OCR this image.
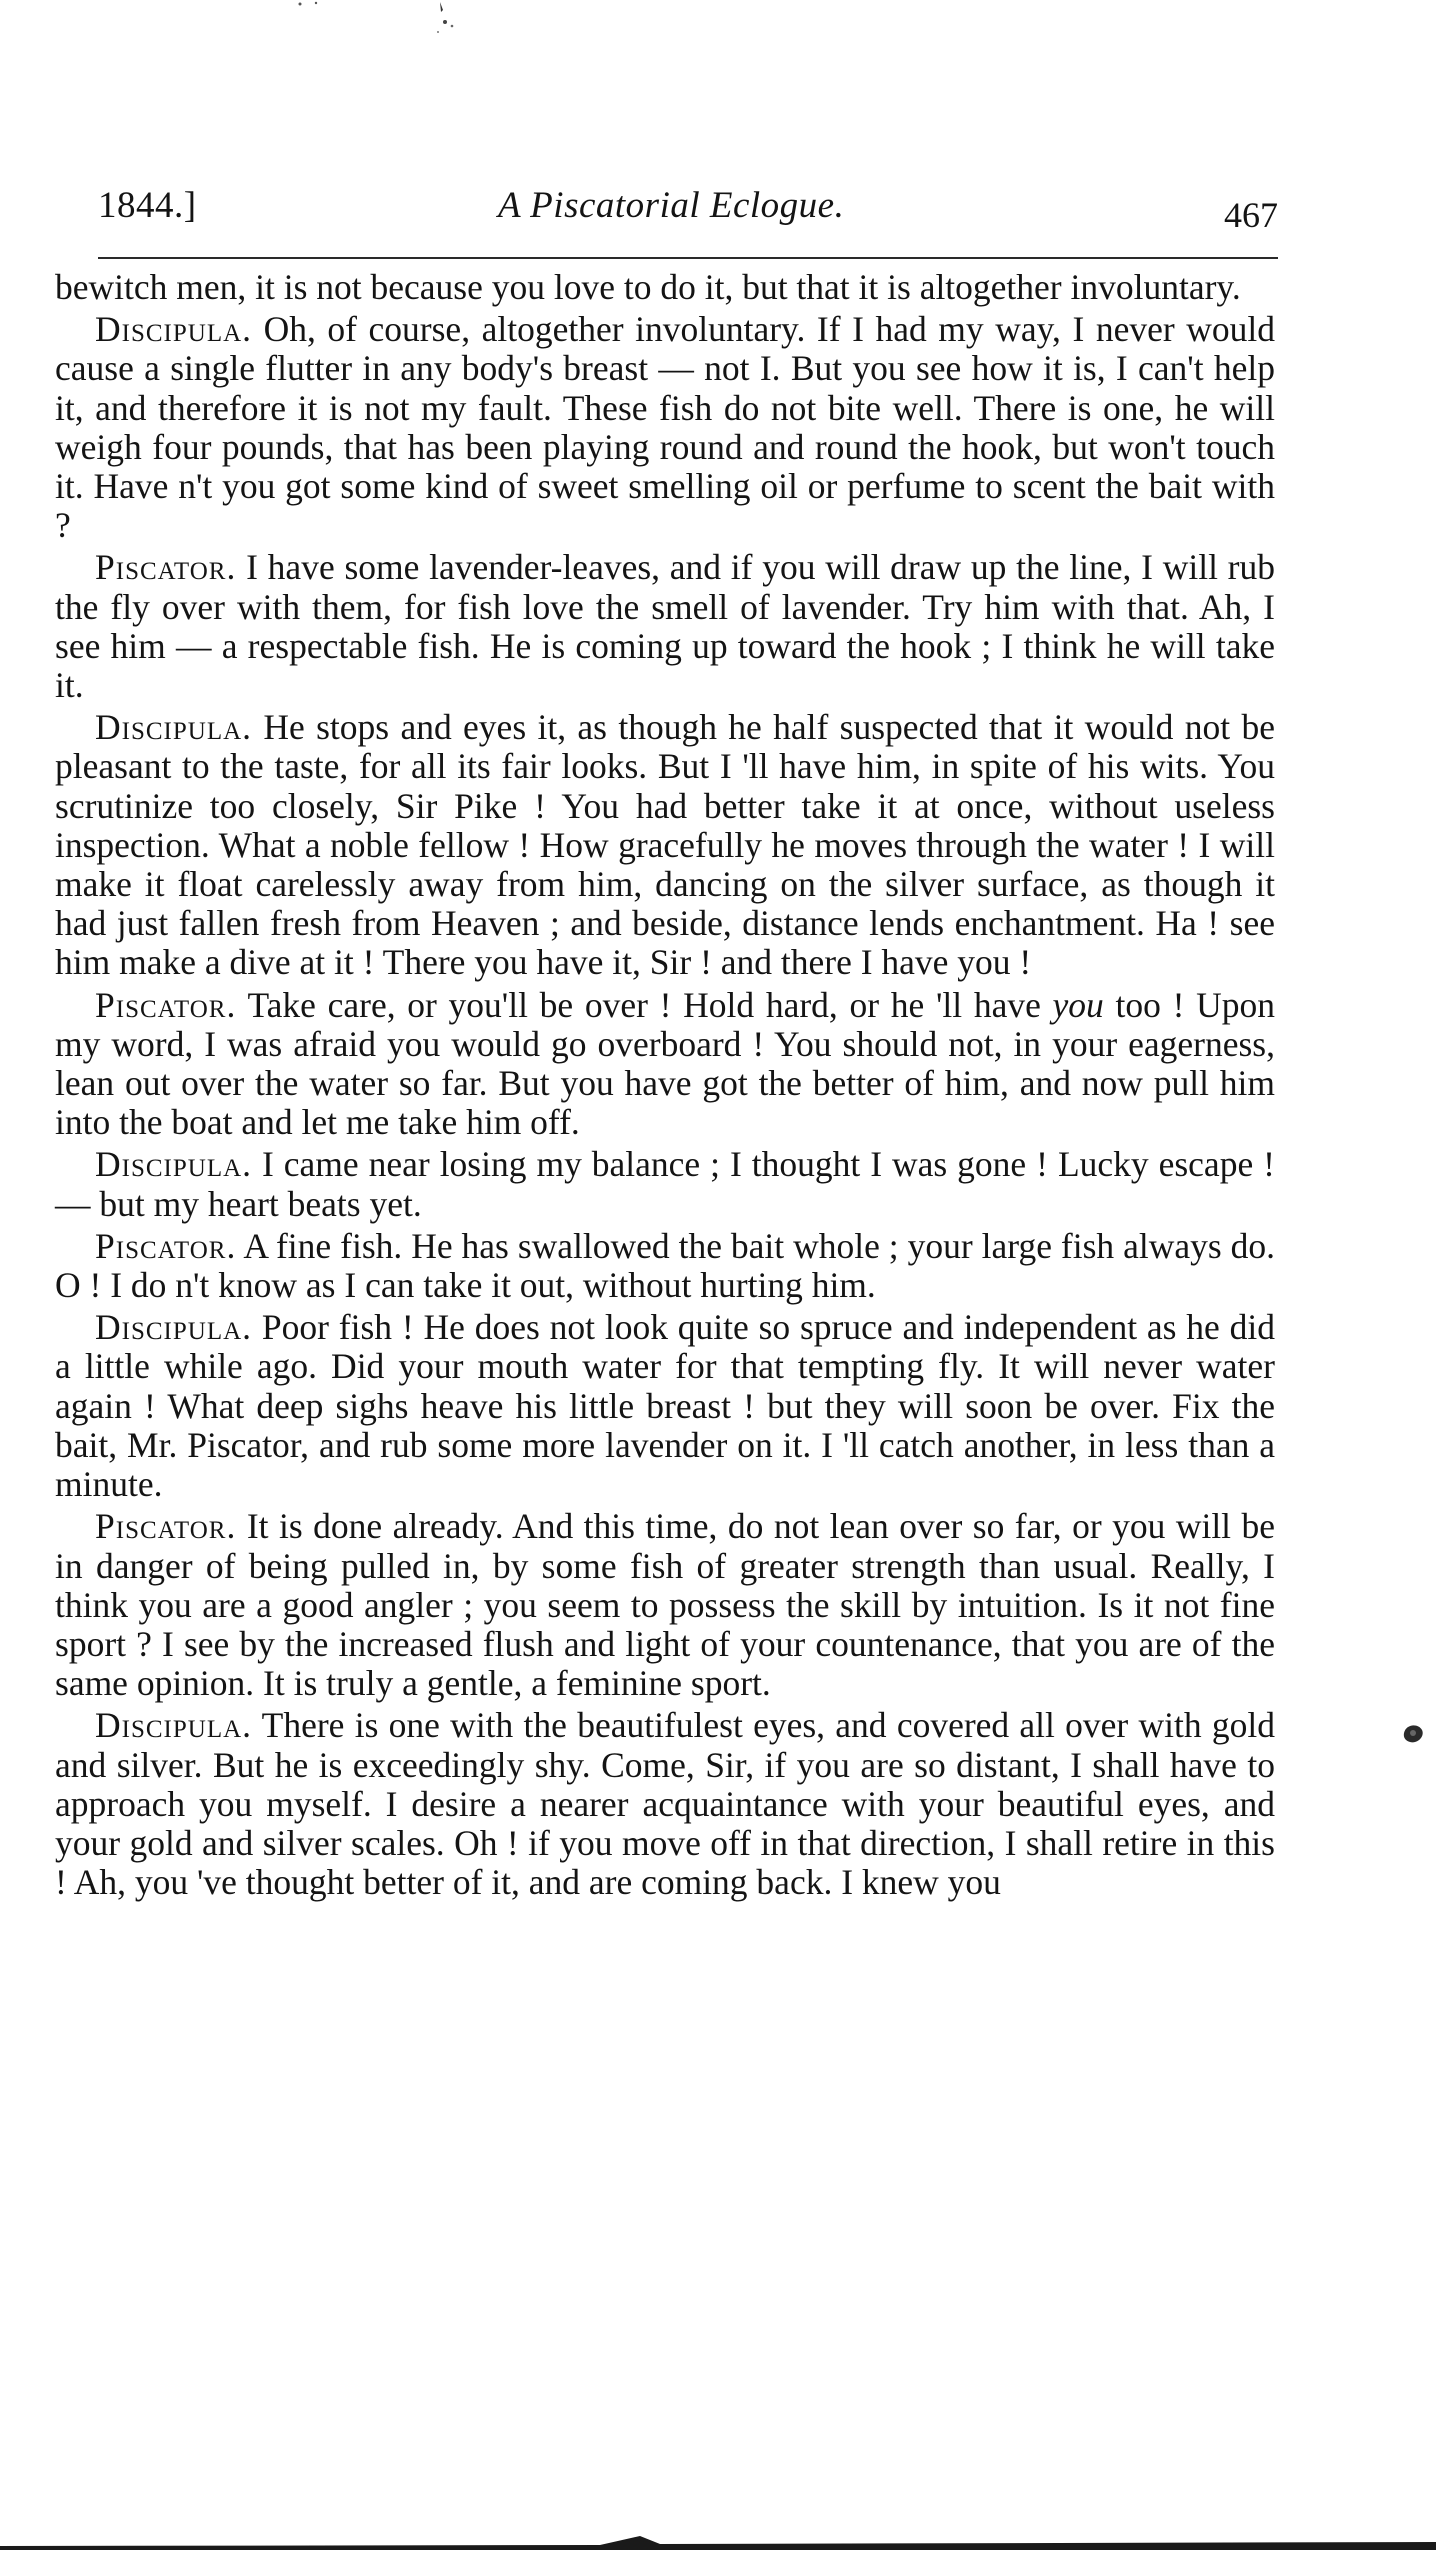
1844.]	A Piscatorial Eclogue.	467

bewitch men, it is not because you love to do it, but that it is altogether involuntary.

Discipula. Oh, of course, altogether involuntary. If I had my way, I never would cause a single flutter in any body's breast — not I. But you see how it is, I can't help it, and therefore it is not my fault. These fish do not bite well. There is one, he will weigh four pounds, that has been playing round and round the hook, but won't touch it. Have n't you got some kind of sweet smelling oil or perfume to scent the bait with ?

Piscator. I have some lavender-leaves, and if you will draw up the line, I will rub the fly over with them, for fish love the smell of lavender. Try him with that. Ah, I see him — a respectable fish. He is coming up toward the hook ; I think he will take it.

Discipula. He stops and eyes it, as though he half suspected that it would not be pleasant to the taste, for all its fair looks. But I 'll have him, in spite of his wits. You scrutinize too closely, Sir Pike ! You had better take it at once, without useless inspection. What a noble fellow ! How gracefully he moves through the water ! I will make it float carelessly away from him, dancing on the silver surface, as though it had just fallen fresh from Heaven ; and beside, distance lends enchantment. Ha ! see him make a dive at it ! There you have it, Sir ! and there I have you !

Piscator. Take care, or you'll be over ! Hold hard, or he 'll have you too ! Upon my word, I was afraid you would go overboard ! You should not, in your eagerness, lean out over the water so far. But you have got the better of him, and now pull him into the boat and let me take him off.

Discipula. I came near losing my balance ; I thought I was gone ! Lucky escape ! — but my heart beats yet.

Piscator. A fine fish. He has swallowed the bait whole ; your large fish always do. O ! I do n't know as I can take it out, without hurting him.

Discipula. Poor fish ! He does not look quite so spruce and independent as he did a little while ago. Did your mouth water for that tempting fly. It will never water again ! What deep sighs heave his little breast ! but they will soon be over. Fix the bait, Mr. Piscator, and rub some more lavender on it. I 'll catch another, in less than a minute.

Piscator. It is done already. And this time, do not lean over so far, or you will be in danger of being pulled in, by some fish of greater strength than usual. Really, I think you are a good angler ; you seem to possess the skill by intuition. Is it not fine sport ? I see by the increased flush and light of your countenance, that you are of the same opinion. It is truly a gentle, a feminine sport.

Discipula. There is one with the beautifulest eyes, and covered all over with gold and silver. But he is exceedingly shy. Come, Sir, if you are so distant, I shall have to approach you myself. I desire a nearer acquaintance with your beautiful eyes, and your gold and silver scales. Oh ! if you move off in that direction, I shall retire in this ! Ah, you 've thought better of it, and are coming back. I knew you
